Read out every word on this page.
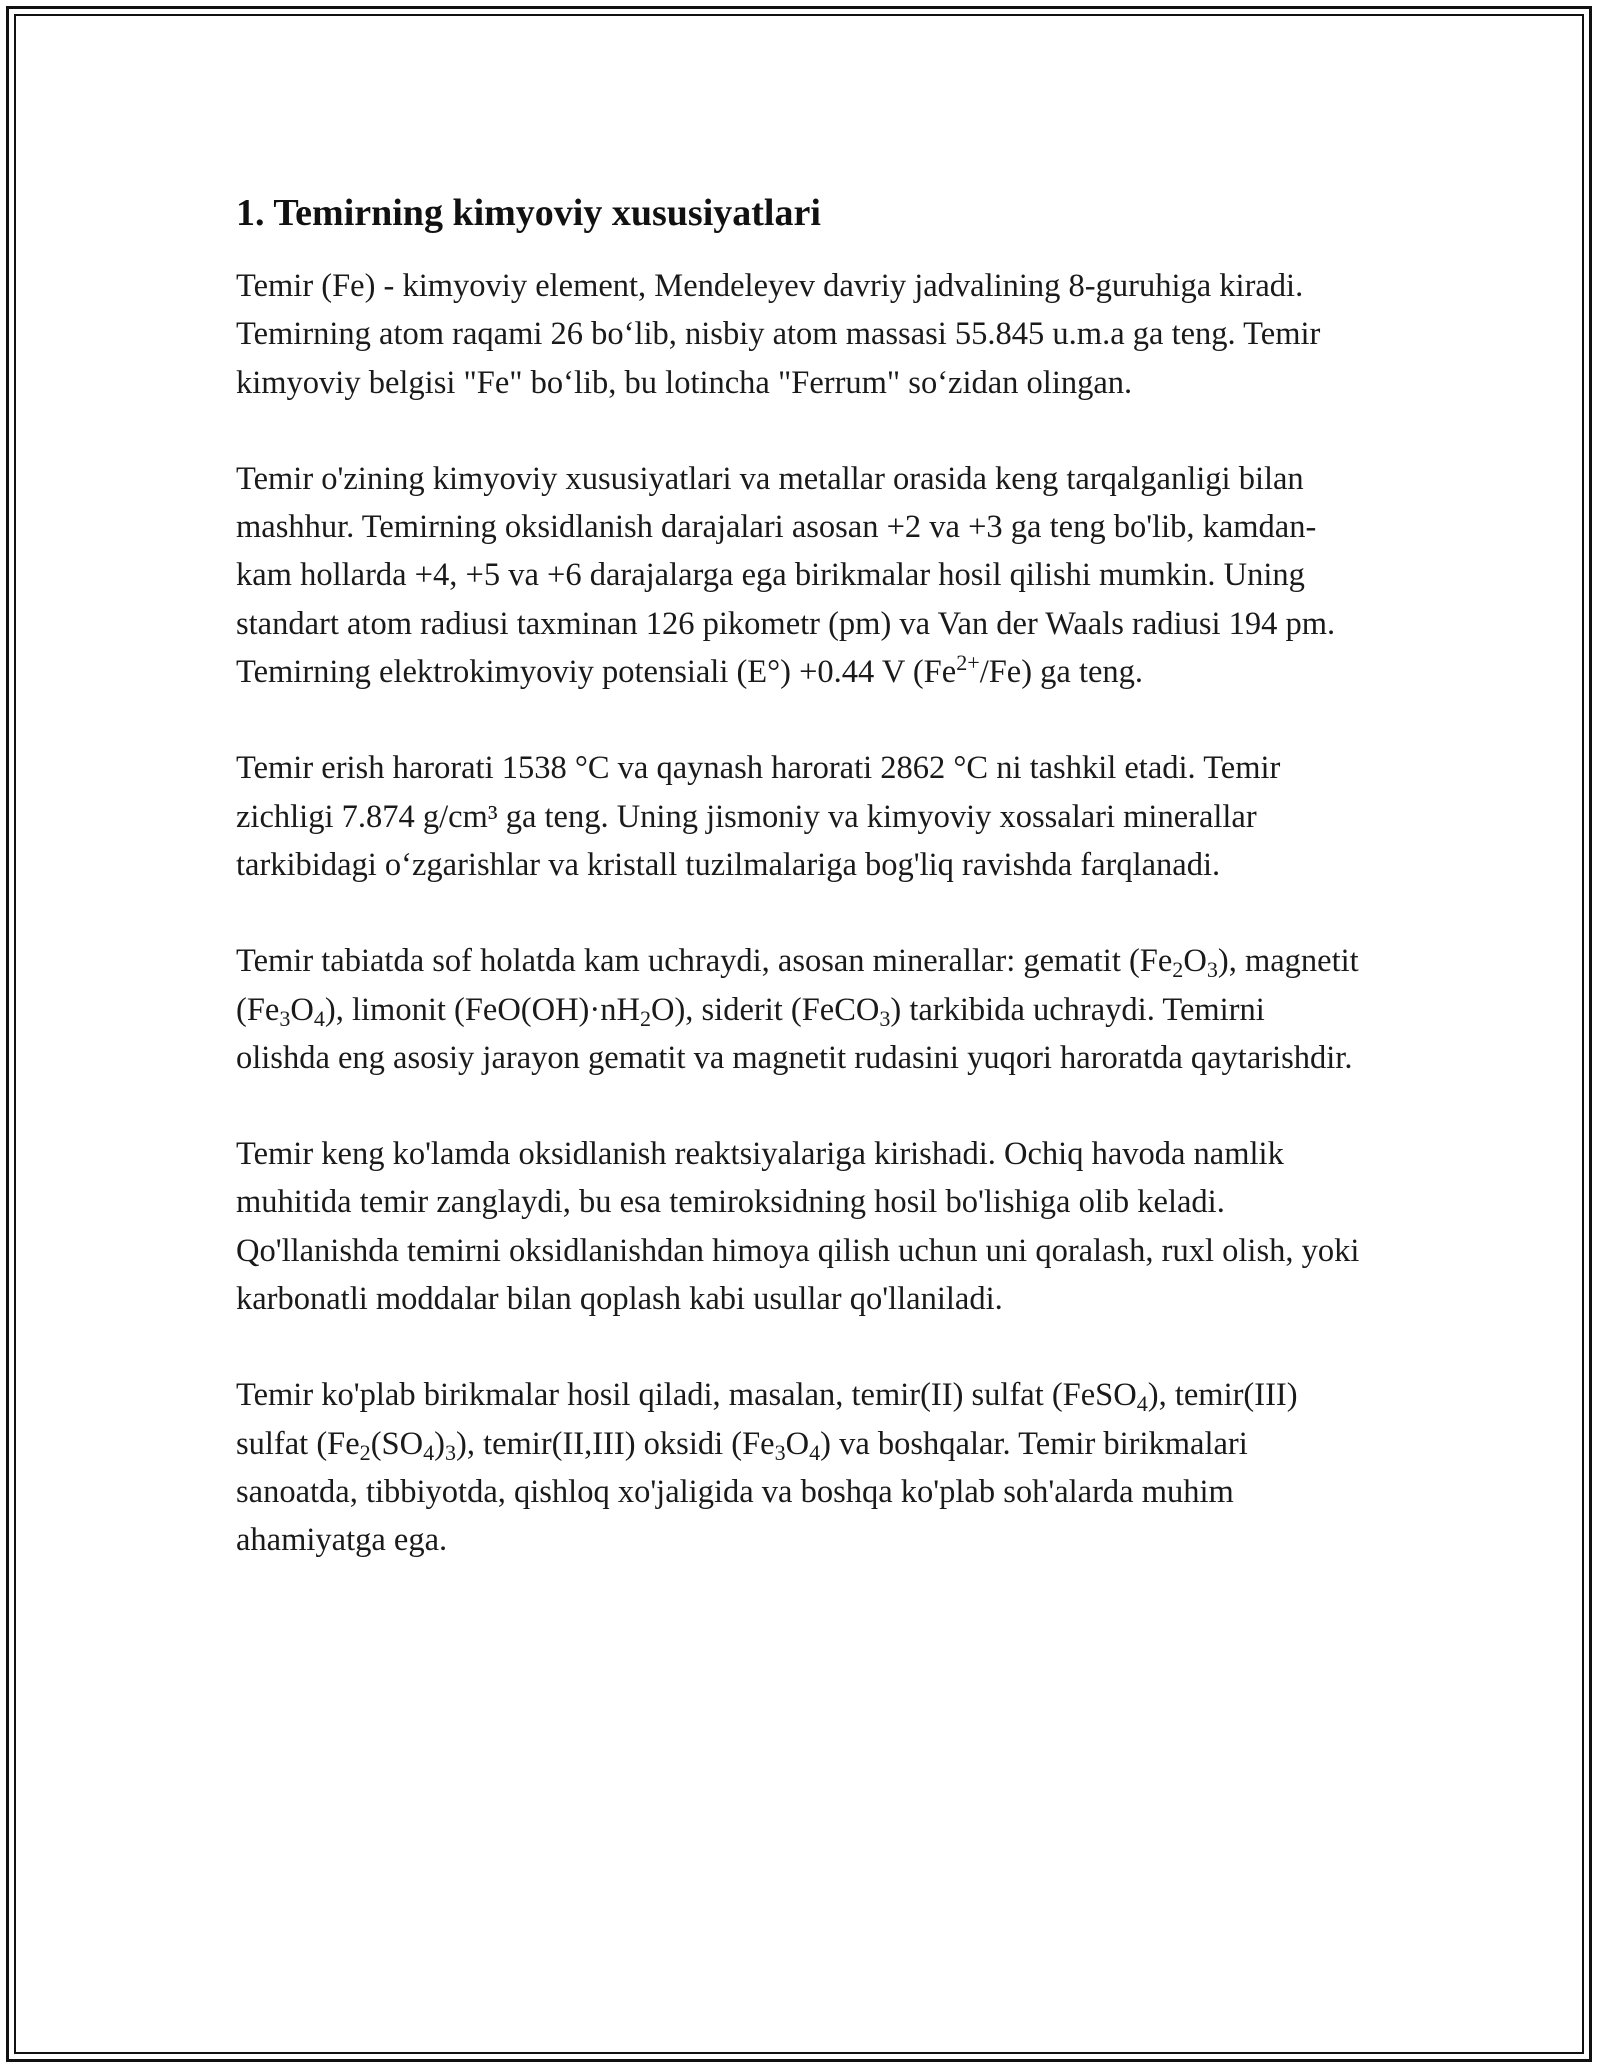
1. Temirning kimyoviy xususiyatlari

Temir (Fe) - kimyoviy element, Mendeleyev davriy jadvalining 8-guruhiga kiradi. Temirning atom raqami 26 bo‘lib, nisbiy atom massasi 55.845 u.m.a ga teng. Temir kimyoviy belgisi "Fe" bo‘lib, bu lotincha "Ferrum" so‘zidan olingan.

Temir o'zining kimyoviy xususiyatlari va metallar orasida keng tarqalganligi bilan mashhur. Temirning oksidlanish darajalari asosan +2 va +3 ga teng bo'lib, kamdan-kam hollarda +4, +5 va +6 darajalarga ega birikmalar hosil qilishi mumkin. Uning standart atom radiusi taxminan 126 pikometr (pm) va Van der Waals radiusi 194 pm. Temirning elektrokimyoviy potensiali (E°) +0.44 V $(Fe^{2+}/Fe)$ ga teng.

Temir erish harorati 1538 °C va qaynash harorati 2862 °C ni tashkil etadi. Temir zichligi 7.874 g/cm³ ga teng. Uning jismoniy va kimyoviy xossalari minerallar tarkibidagi o‘zgarishlar va kristall tuzilmalariga bog'liq ravishda farqlanadi.

Temir tabiatda sof holatda kam uchraydi, asosan minerallar: gematit $(Fe_2O_3)$, magnetit $(Fe_3O_4)$, limonit $(FeO(OH)\cdot nH_2O)$, siderit (FeCO$_3$) tarkibida uchraydi. Temirni olishda eng asosiy jarayon gematit va magnetit rudasini yuqori haroratda qaytarishdir.

Temir keng ko'lamda oksidlanish reaktsiyalariga kirishadi. Ochiq havoda namlik muhitida temir zanglaydi, bu esa temiroksidning hosil bo'lishiga olib keladi. Qo'llanishda temirni oksidlanishdan himoya qilish uchun uni qoralash, ruxl olish, yoki karbonatli moddalar bilan qoplash kabi usullar qo'llaniladi.

Temir ko'plab birikmalar hosil qiladi, masalan, temir(II) sulfat (FeSO$_4$), temir(III) sulfat $(Fe_2(SO_4)_3)$, temir(II,III) oksidi $(Fe_3O_4)$ va boshqalar. Temir birikmalari sanoatda, tibbiyotda, qishloq xo'jaligida va boshqa ko'plab soh'alarda muhim ahamiyatga ega.
